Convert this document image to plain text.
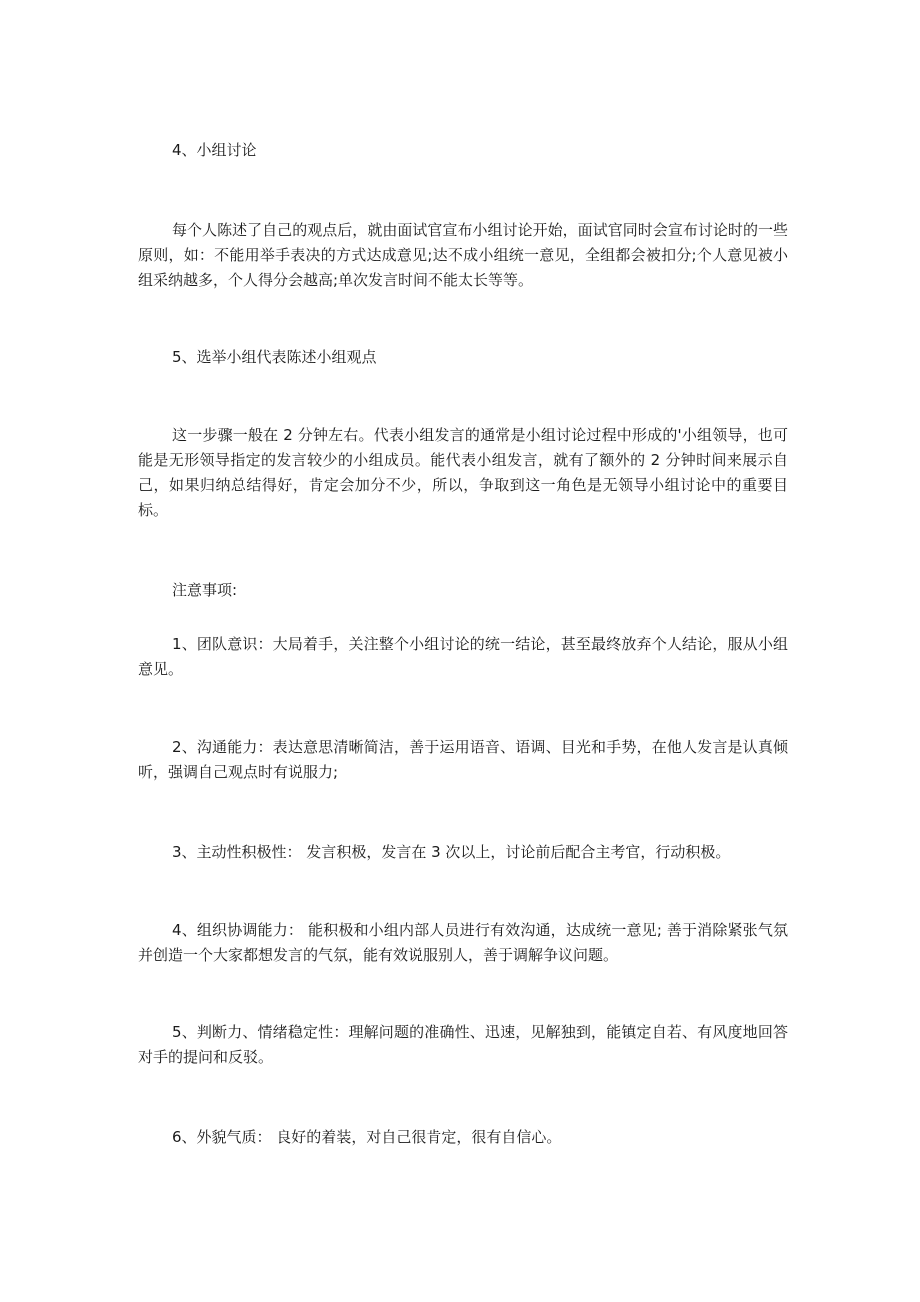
4、小组讨论

每个人陈述了自己的观点后，就由面试官宣布小组讨论开始，面试官同时会宣布讨论时的一些原则，如：不能用举手表决的方式达成意见;达不成小组统一意见，全组都会被扣分;个人意见被小组采纳越多，个人得分会越高;单次发言时间不能太长等等。

5、选举小组代表陈述小组观点

这一步骤一般在 2 分钟左右。代表小组发言的通常是小组讨论过程中形成的'小组领导，也可能是无形领导指定的发言较少的小组成员。能代表小组发言，就有了额外的 2 分钟时间来展示自己，如果归纳总结得好，肯定会加分不少，所以，争取到这一角色是无领导小组讨论中的重要目标。

注意事项:

1、团队意识：大局着手，关注整个小组讨论的统一结论，甚至最终放弃个人结论，服从小组意见。

2、沟通能力：表达意思清晰简洁，善于运用语音、语调、目光和手势，在他人发言是认真倾听，强调自己观点时有说服力;

3、主动性积极性： 发言积极，发言在 3 次以上，讨论前后配合主考官，行动积极。

4、组织协调能力： 能积极和小组内部人员进行有效沟通，达成统一意见; 善于消除紧张气氛并创造一个大家都想发言的气氛，能有效说服别人，善于调解争议问题。

5、判断力、情绪稳定性：理解问题的准确性、迅速，见解独到，能镇定自若、有风度地回答对手的提问和反驳。

6、外貌气质： 良好的着装，对自己很肯定，很有自信心。
